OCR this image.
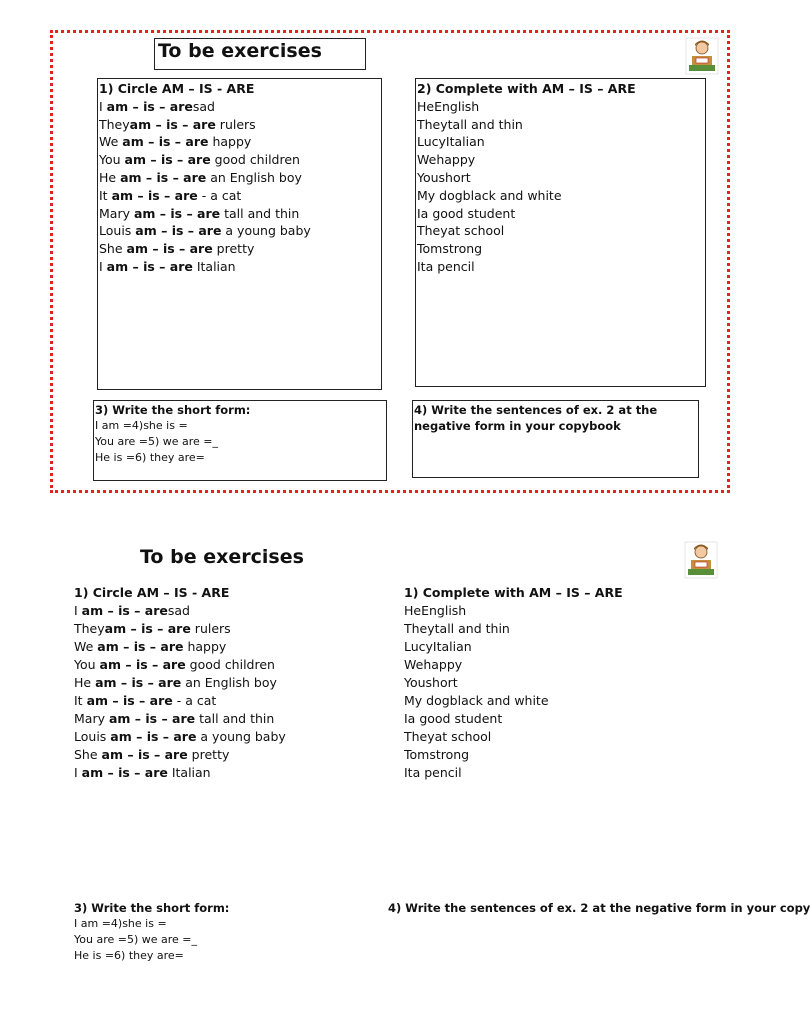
To be exercises
1) Circle AM – IS - ARE
I am – is – aresad
Theyam – is – are rulers
We am – is – are happy
You am – is – are good children
He am – is – are an English boy
It am – is – are - a cat
Mary am – is – are tall and thin
Louis am – is – are a young baby
She am – is – are pretty
I am – is – are Italian
2) Complete with AM – IS – ARE
HeEnglish
Theytall and thin
LucyItalian
Wehappy
Youshort
My dogblack and white
Ia good student
Theyat school
Tomstrong
Ita pencil
3) Write the short form:
I am =4)she is =
You are =5) we are =_
He is =6) they are=
4) Write the sentences of ex. 2 at the negative form in your copybook
To be exercises
1) Circle AM – IS - ARE
I am – is – aresad
Theyam – is – are rulers
We am – is – are happy
You am – is – are good children
He am – is – are an English boy
It am – is – are - a cat
Mary am – is – are tall and thin
Louis am – is – are a young baby
She am – is – are pretty
I am – is – are Italian
1) Complete with AM – IS – ARE
HeEnglish
Theytall and thin
LucyItalian
Wehappy
Youshort
My dogblack and white
Ia good student
Theyat school
Tomstrong
Ita pencil
3) Write the short form:
I am =4)she is =
You are =5) we are =_
He is =6) they are=
4) Write the sentences of ex. 2 at the negative form in your copy
